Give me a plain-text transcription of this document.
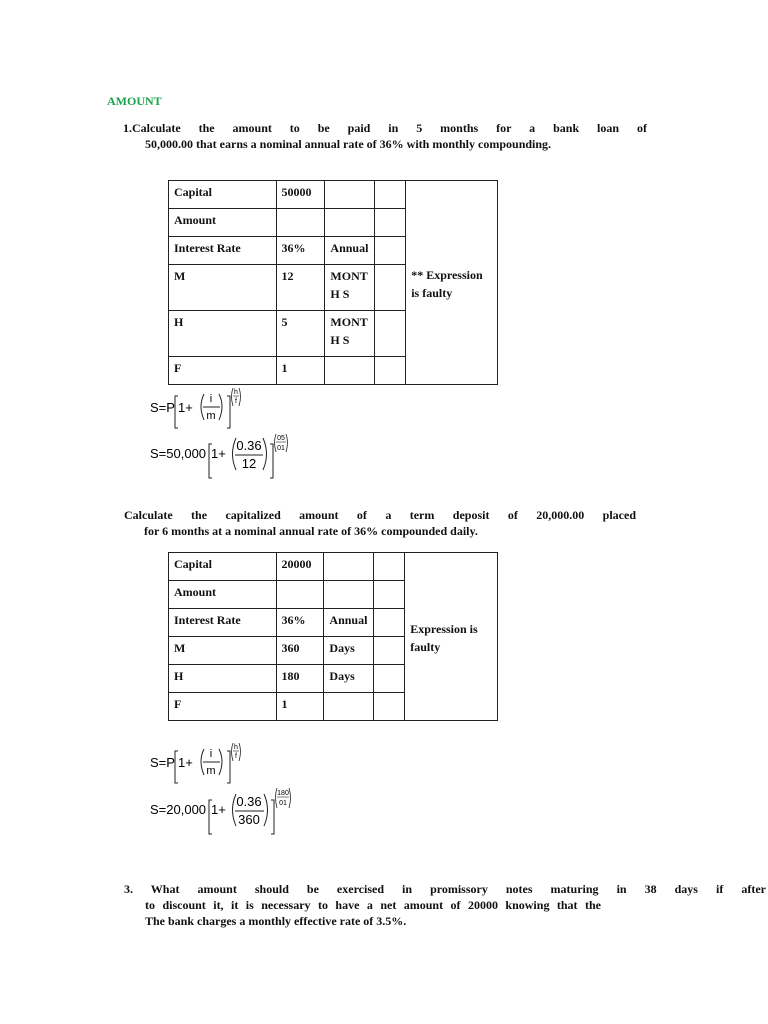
AMOUNT
1.Calculate the amount to be paid in 5 months for a bank loan of
50,000.00 that earns a nominal annual rate of 36% with monthly compounding.
Capital	50000			** Expression is faulty
Amount				
Interest Rate	36%	Annual		
M	12	MONTH S		
H	5	MONTH S		
F	1			
S=P 1+
i
m
h
f
S=50,000 1+
0.36
12
05
01
Calculate the capitalized amount of a term deposit of 20,000.00 placed
for 6 months at a nominal annual rate of 36% compounded daily.
Capital	20000			Expression is faulty
Amount				
Interest Rate	36%	Annual		
M	360	Days		
H	180	Days		
F	1			
S=P 1+
i
m
h
f
S=20,000 1+
0.36
360
180
01
3. What amount should be exercised in promissory notes maturing in 38 days if after
to discount it, it is necessary to have a net amount of 20000 knowing that the
The bank charges a monthly effective rate of 3.5%.
